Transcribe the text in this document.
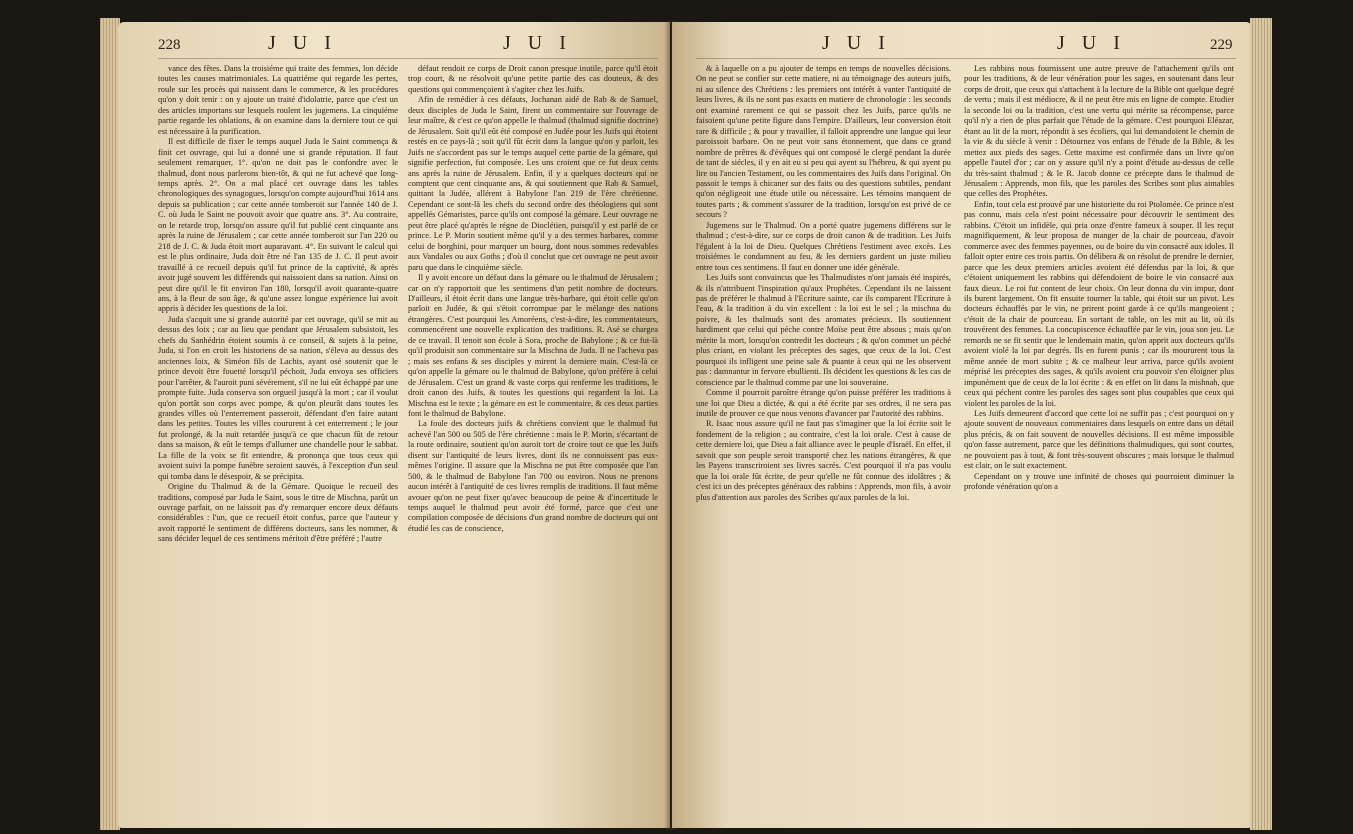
228	J U I	J U I

vance des fêtes. Dans la troisiéme qui traite des femmes, lon décide toutes les causes matrimoniales. La quatriéme qui regarde les pertes, roule sur les procès qui naissent dans le commerce, & les procédures qu'on y doit tenir : on y ajoute un traité d'idolatrie, parce que c'est un des articles importans sur lesquels roulent les jugemens. La cinquiéme partie regarde les oblations, & on examine dans la derniere tout ce qui est nécessaire à la purification.

Il est difficile de fixer le temps auquel Juda le Saint commença & finit cet ouvrage, qui lui a donné une si grande réputation. Il faut seulement remarquer, 1°. qu'on ne doit pas le confondre avec le thalmud, dont nous parlerons bien-tôt, & qui ne fut achevé que long-temps après. 2°. On a mal placé cet ouvrage dans les tables chronologiques des synagogues, lorsqu'on compte aujourd'hui 1614 ans depuis sa publication ; car cette année tomberoit sur l'année 140 de J. C. où Juda le Saint ne pouvoit avoir que quatre ans. 3°. Au contraire, on le retarde trop, lorsqu'on assure qu'il fut publié cent cinquante ans après la ruine de Jérusalem ; car cette année tomberoit sur l'an 220 ou 218 de J. C. & Juda étoit mort auparavant. 4°. En suivant le calcul qui est le plus ordinaire, Juda doit être né l'an 135 de J. C. Il peut avoir travaillé à ce recueil depuis qu'il fut prince de la captivité, & après avoir jugé souvent les différends qui naissoient dans sa nation. Ainsi on peut dire qu'il le fit environ l'an 180, lorsqu'il avoit quarante-quatre ans, à la fleur de son âge, & qu'une assez longue expérience lui avoit appris à décider les questions de la loi.

Juda s'acquit une si grande autorité par cet ouvrage, qu'il se mit au dessus des loix ; car au lieu que pendant que Jérusalem subsistoit, les chefs du Sanhédrin étoient soumis à ce conseil, & sujets à la peine, Juda, si l'on en croit les historiens de sa nation, s'éleva au dessus des anciennes loix, & Siméon fils de Lachis, ayant osé soutenir que le prince devoit être fouetté lorsqu'il péchoit, Juda envoya ses officiers pour l'arrêter, & l'auroit puni sévérement, s'il ne lui eût échappé par une prompte fuite. Juda conserva son orgueil jusqu'à la mort ; car il voulut qu'on portât son corps avec pompe, & qu'on pleurât dans toutes les grandes villes où l'enterrement passeroit, défendant d'en faire autant dans les petites. Toutes les villes coururent à cet enterrement ; le jour fut prolongé, & la nuit retardée jusqu'à ce que chacun fût de retour dans sa maison, & eût le temps d'allumer une chandelle pour le sabbat. La fille de la voix se fit entendre, & prononça que tous ceux qui avoient suivi la pompe funèbre seroient sauvés, à l'exception d'un seul qui tomba dans le désespoir, & se précipita.

Origine du Thalmud & de la Gémare. Quoique le recueil des traditions, composé par Juda le Saint, sous le titre de Mischna, parût un ouvrage parfait, on ne laissoit pas d'y remarquer encore deux défauts considérables : l'un, que ce recueil étoit confus, parce que l'auteur y avoit rapporté le sentiment de différens docteurs, sans les nommer, & sans décider lequel de ces sentimens méritoit d'être préféré ; l'autre

défaut rendoit ce corps de Droit canon presque inutile, parce qu'il étoit trop court, & ne résolvoit qu'une petite partie des cas douteux, & des questions qui commençoient à s'agiter chez les Juifs.

Afin de remédier à ces défauts, Jochanan aidé de Rab & de Samuel, deux disciples de Juda le Saint, firent un commentaire sur l'ouvrage de leur maître, & c'est ce qu'on appelle le thalmud (thalmud signifie doctrine) de Jérusalem. Soit qu'il eût été composé en Judée pour les Juifs qui étoient restés en ce pays-là ; soit qu'il fût écrit dans la langue qu'on y parloit, les Juifs ne s'accordent pas sur le temps auquel cette partie de la gémare, qui signifie perfection, fut composée. Les uns croient que ce fut deux cents ans après la ruine de Jérusalem. Enfin, il y a quelques docteurs qui ne comptent que cent cinquante ans, & qui soutiennent que Rab & Samuel, quittant la Judée, allérent à Babylone l'an 219 de l'ère chrétienne. Cependant ce sont-là les chefs du second ordre des théologiens qui sont appellés Gémaristes, parce qu'ils ont composé la gémare. Leur ouvrage ne peut être placé qu'après le régne de Dioclétien, puisqu'il y est parlé de ce prince. Le P. Morin soutient même qu'il y a des termes barbares, comme celui de borghini, pour marquer un bourg, dont nous sommes redevables aux Vandales ou aux Goths ; d'où il conclut que cet ouvrage ne peut avoir paru que dans le cinquième siècle.

Il y avoit encore un défaut dans la gémare ou le thalmud de Jérusalem ; car on n'y rapportoit que les sentimens d'un petit nombre de docteurs. D'ailleurs, il étoit écrit dans une langue très-barbare, qui étoit celle qu'on parloit en Judée, & qui s'étoit corrompue par le mélange des nations étrangères. C'est pourquoi les Amoréens, c'est-à-dire, les commentateurs, commencérent une nouvelle explication des traditions. R. Asé se chargea de ce travail. Il tenoit son école à Sora, proche de Babylone ; & ce fut-là qu'il produisit son commentaire sur la Mischna de Juda. Il ne l'acheva pas ; mais ses enfans & ses disciples y mirent la derniere main. C'est-là ce qu'on appelle la gémare ou le thalmud de Babylone, qu'on préfére à celui de Jérusalem. C'est un grand & vaste corps qui renferme les traditions, le droit canon des Juifs, & toutes les questions qui regardent la loi. La Mischna est le texte ; la gémare en est le commentaire, & ces deux parties font le thalmud de Babylone.

La foule des docteurs juifs & chrétiens convient que le thalmud fut achevé l'an 500 ou 505 de l'ère chrétienne : mais le P. Morin, s'écartant de la route ordinaire, soutient qu'on auroit tort de croire tout ce que les Juifs disent sur l'antiquité de leurs livres, dont ils ne connoissent pas eux-mêmes l'origine. Il assure que la Mischna ne put être composée que l'an 500, & le thalmud de Babylone l'an 700 ou environ. Nous ne prenons aucun intérêt à l'antiquité de ces livres remplis de traditions. Il faut même avouer qu'on ne peut fixer qu'avec beaucoup de peine & d'incertitude le temps auquel le thalmud peut avoir été formé, parce que c'est une compilation composée de décisions d'un grand nombre de docteurs qui ont étudié les cas de conscience,

J U I	J U I	229

& à laquelle on a pu ajouter de temps en temps de nouvelles décisions. On ne peut se confier sur cette matiere, ni au témoignage des auteurs juifs, ni au silence des Chrétiens : les premiers ont intérêt à vanter l'antiquité de leurs livres, & ils ne sont pas exacts en matiere de chronologie : les seconds ont examiné rarement ce qui se passoit chez les Juifs, parce qu'ils ne faisoient qu'une petite figure dans l'empire. D'ailleurs, leur conversion étoit rare & difficile ; & pour y travailler, il falloit apprendre une langue qui leur paroissoit barbare. On ne peut voir sans étonnement, que dans ce grand nombre de prêtres & d'évêques qui ont composé le clergé pendant la durée de tant de siécles, il y en ait eu si peu qui ayent su l'hébreu, & qui ayent pu lire ou l'ancien Testament, ou les commentaires des Juifs dans l'original. On passoit le temps à chicaner sur des faits ou des questions subtiles, pendant qu'on négligeoit une étude utile ou nécessaire. Les témoins manquent de toutes parts ; & comment s'assurer de la tradition, lorsqu'on est privé de ce secours ?

Jugemens sur le Thalmud. On a porté quatre jugemens différens sur le thalmud ; c'est-à-dire, sur ce corps de droit canon & de tradition. Les Juifs l'égalent à la loi de Dieu. Quelques Chrétiens l'estiment avec excès. Les troisiémes le condamnent au feu, & les derniers gardent un juste milieu entre tous ces sentimens. Il faut en donner une idée générale.

Les Juifs sont convaincus que les Thalmudistes n'ont jamais été inspirés, & ils n'attribuent l'inspiration qu'aux Prophétes. Cependant ils ne laissent pas de préférer le thalmud à l'Ecriture sainte, car ils comparent l'Ecriture à l'eau, & la tradition à du vin excellent : la loi est le sel ; la mischna du poivre, & les thalmuds sont des aromates précieux. Ils soutiennent hardiment que celui qui péche contre Moïse peut être absous ; mais qu'on mérite la mort, lorsqu'on contredit les docteurs ; & qu'on commet un péché plus criant, en violant les préceptes des sages, que ceux de la loi. C'est pourquoi ils infligent une peine sale & puante à ceux qui ne les observent pas : damnantur in fervore ebullienti. Ils décident les questions & les cas de conscience par le thalmud comme par une loi souveraine.

Comme il pourroit paroître étrange qu'on puisse préférer les traditions à une loi que Dieu a dictée, & qui a été écrite par ses ordres, il ne sera pas inutile de prouver ce que nous venons d'avancer par l'autorité des rabbins.

R. Isaac nous assure qu'il ne faut pas s'imaginer que la loi écrite soit le fondement de la religion ; au contraire, c'est la loi orale. C'est à cause de cette derniere loi, que Dieu a fait alliance avec le peuple d'Israël. En effet, il savoit que son peuple seroit transporté chez les nations étrangères, & que les Payens transcriroient ses livres sacrés. C'est pourquoi il n'a pas voulu que la loi orale fût écrite, de peur qu'elle ne fût connue des idolâtres ; & c'est ici un des préceptes généraux des rabbins : Apprends, mon fils, à avoir plus d'attention aux paroles des Scribes qu'aux paroles de la loi.

Les rabbins nous fournissent une autre preuve de l'attachement qu'ils ont pour les traditions, & de leur vénération pour les sages, en soutenant dans leur corps de droit, que ceux qui s'attachent à la lecture de la Bible ont quelque degré de vertu ; mais il est médiocre, & il ne peut être mis en ligne de compte. Etudier la seconde loi ou la tradition, c'est une vertu qui mérite sa récompense, parce qu'il n'y a rien de plus parfait que l'étude de la gémare. C'est pourquoi Eléazar, étant au lit de la mort, répondit à ses écoliers, qui lui demandoient le chemin de la vie & du siècle à venir : Détournez vos enfans de l'étude de la Bible, & les mettez aux pieds des sages. Cette maxime est confirmée dans un livre qu'on appelle l'autel d'or ; car on y assure qu'il n'y a point d'étude au-dessus de celle du très-saint thalmud ; & le R. Jacob donne ce précepte dans le thalmud de Jérusalem : Apprends, mon fils, que les paroles des Scribes sont plus aimables que celles des Prophétes.

Enfin, tout cela est prouvé par une historiette du roi Ptolomée. Ce prince n'est pas connu, mais cela n'est point nécessaire pour découvrir le sentiment des rabbins. C'étoit un infidèle, qui pria onze d'entre fameux à souper. Il les reçut magnifiquement, & leur proposa de manger de la chair de pourceau, d'avoir commerce avec des femmes payennes, ou de boire du vin consacré aux idoles. Il falloit opter entre ces trois partis. On délibera & on résolut de prendre le dernier, parce que les deux premiers articles avoient été défendus par la loi, & que c'étoient uniquement les rabbins qui défendoient de boire le vin consacré aux faux dieux. Le roi fut content de leur choix. On leur donna du vin impur, dont ils burent largement. On fit ensuite tourner la table, qui étoit sur un pivot. Les docteurs échauffés par le vin, ne prirent point garde à ce qu'ils mangeoient ; c'étoit de la chair de pourceau. En sortant de table, on les mit au lit, où ils trouvérent des femmes. La concupiscence échauffée par le vin, joua son jeu. Le remords ne se fit sentir que le lendemain matin, qu'on apprit aux docteurs qu'ils avoient violé la loi par degrés. Ils en furent punis ; car ils moururent tous la même année de mort subite ; & ce malheur leur arriva, parce qu'ils avoient méprisé les préceptes des sages, & qu'ils avoient cru pouvoir s'en éloigner plus impunément que de ceux de la loi écrite : & en effet on lit dans la mishnah, que ceux qui péchent contre les paroles des sages sont plus coupables que ceux qui violent les paroles de la loi.

Les Juifs demeurent d'accord que cette loi ne suffit pas ; c'est pourquoi on y ajoute souvent de nouveaux commentaires dans lesquels on entre dans un détail plus précis, & on fait souvent de nouvelles décisions. Il est même impossible qu'on fasse autrement, parce que les définitions thalmudiques, qui sont courtes, ne pouvoient pas à tout, & font très-souvent obscures ; mais lorsque le thalmud est clair, on le suit exactement.

Cependant on y trouve une infinité de choses qui pourroient diminuer la profonde vénération qu'on a
